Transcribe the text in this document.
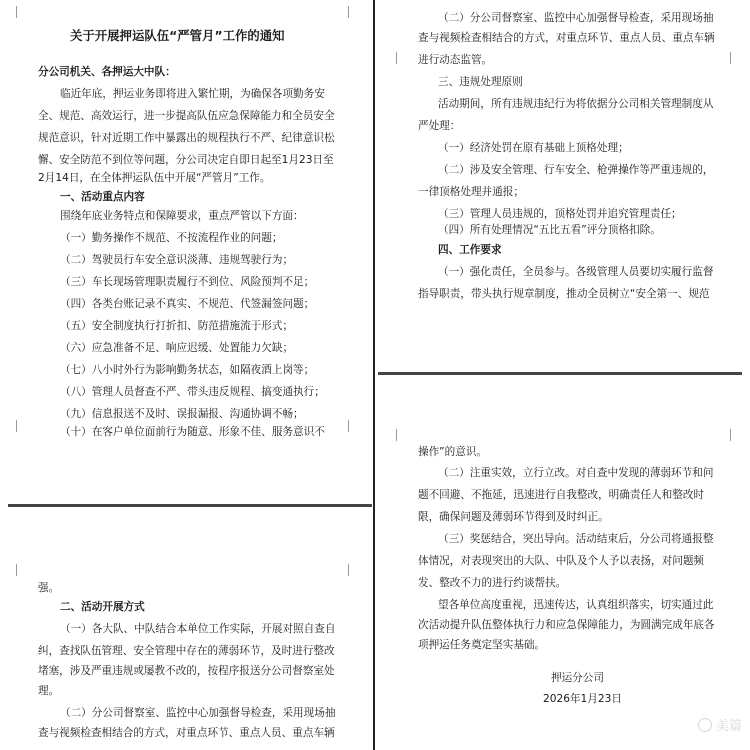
关于开展押运队伍“严管月”工作的通知
分公司机关、各押运大中队：
临近年底，押运业务即将进入繁忙期，为确保各项勤务安
全、规范、高效运行，进一步提高队伍应急保障能力和全员安全
规范意识，针对近期工作中暴露出的规程执行不严、纪律意识松
懈、安全防范不到位等问题，分公司决定自即日起至1月23日至
2月14日，在全体押运队伍中开展“严管月”工作。
一、活动重点内容
围绕年底业务特点和保障要求，重点严管以下方面：
（一）勤务操作不规范、不按流程作业的问题；
（二）驾驶员行车安全意识淡薄、违规驾驶行为；
（三）车长现场管理职责履行不到位、风险预判不足；
（四）各类台账记录不真实、不规范、代签漏签问题；
（五）安全制度执行打折扣、防范措施流于形式；
（六）应急准备不足、响应迟缓、处置能力欠缺；
（七）八小时外行为影响勤务状态，如隔夜酒上岗等；
（八）管理人员督查不严、带头违反规程、搞变通执行；
（九）信息报送不及时、误报漏报、沟通协调不畅；
（十）在客户单位面前行为随意、形象不佳、服务意识不
（二）分公司督察室、监控中心加强督导检查，采用现场抽
查与视频检查相结合的方式，对重点环节、重点人员、重点车辆
进行动态监管。
三、违规处理原则
活动期间，所有违规违纪行为将依据分公司相关管理制度从
严处理：
（一）经济处罚在原有基础上顶格处理；
（二）涉及安全管理、行车安全、枪弹操作等严重违规的，
一律顶格处理并通报；
（三）管理人员违规的，顶格处罚并追究管理责任；
（四）所有处理情况“五比五看”评分顶格扣除。
四、工作要求
（一）强化责任，全员参与。各级管理人员要切实履行监督
指导职责，带头执行规章制度，推动全员树立“安全第一、规范
强。
二、活动开展方式
（一）各大队、中队结合本单位工作实际，开展对照自查自
纠，查找队伍管理、安全管理中存在的薄弱环节，及时进行整改
堵塞，涉及严重违规或屡教不改的，按程序报送分公司督察室处
理。
（二）分公司督察室、监控中心加强督导检查，采用现场抽
查与视频检查相结合的方式，对重点环节、重点人员、重点车辆
操作”的意识。
（二）注重实效，立行立改。对自查中发现的薄弱环节和问
题不回避、不拖延，迅速进行自我整改，明确责任人和整改时
限，确保问题及薄弱环节得到及时纠正。
（三）奖惩结合，突出导向。活动结束后，分公司将通报整
体情况，对表现突出的大队、中队及个人予以表扬，对问题频
发、整改不力的进行约谈帮扶。
望各单位高度重视，迅速传达，认真组织落实，切实通过此
次活动提升队伍整体执行力和应急保障能力，为圆满完成年底各
项押运任务奠定坚实基础。
押运分公司
2026年1月23日
美篇
